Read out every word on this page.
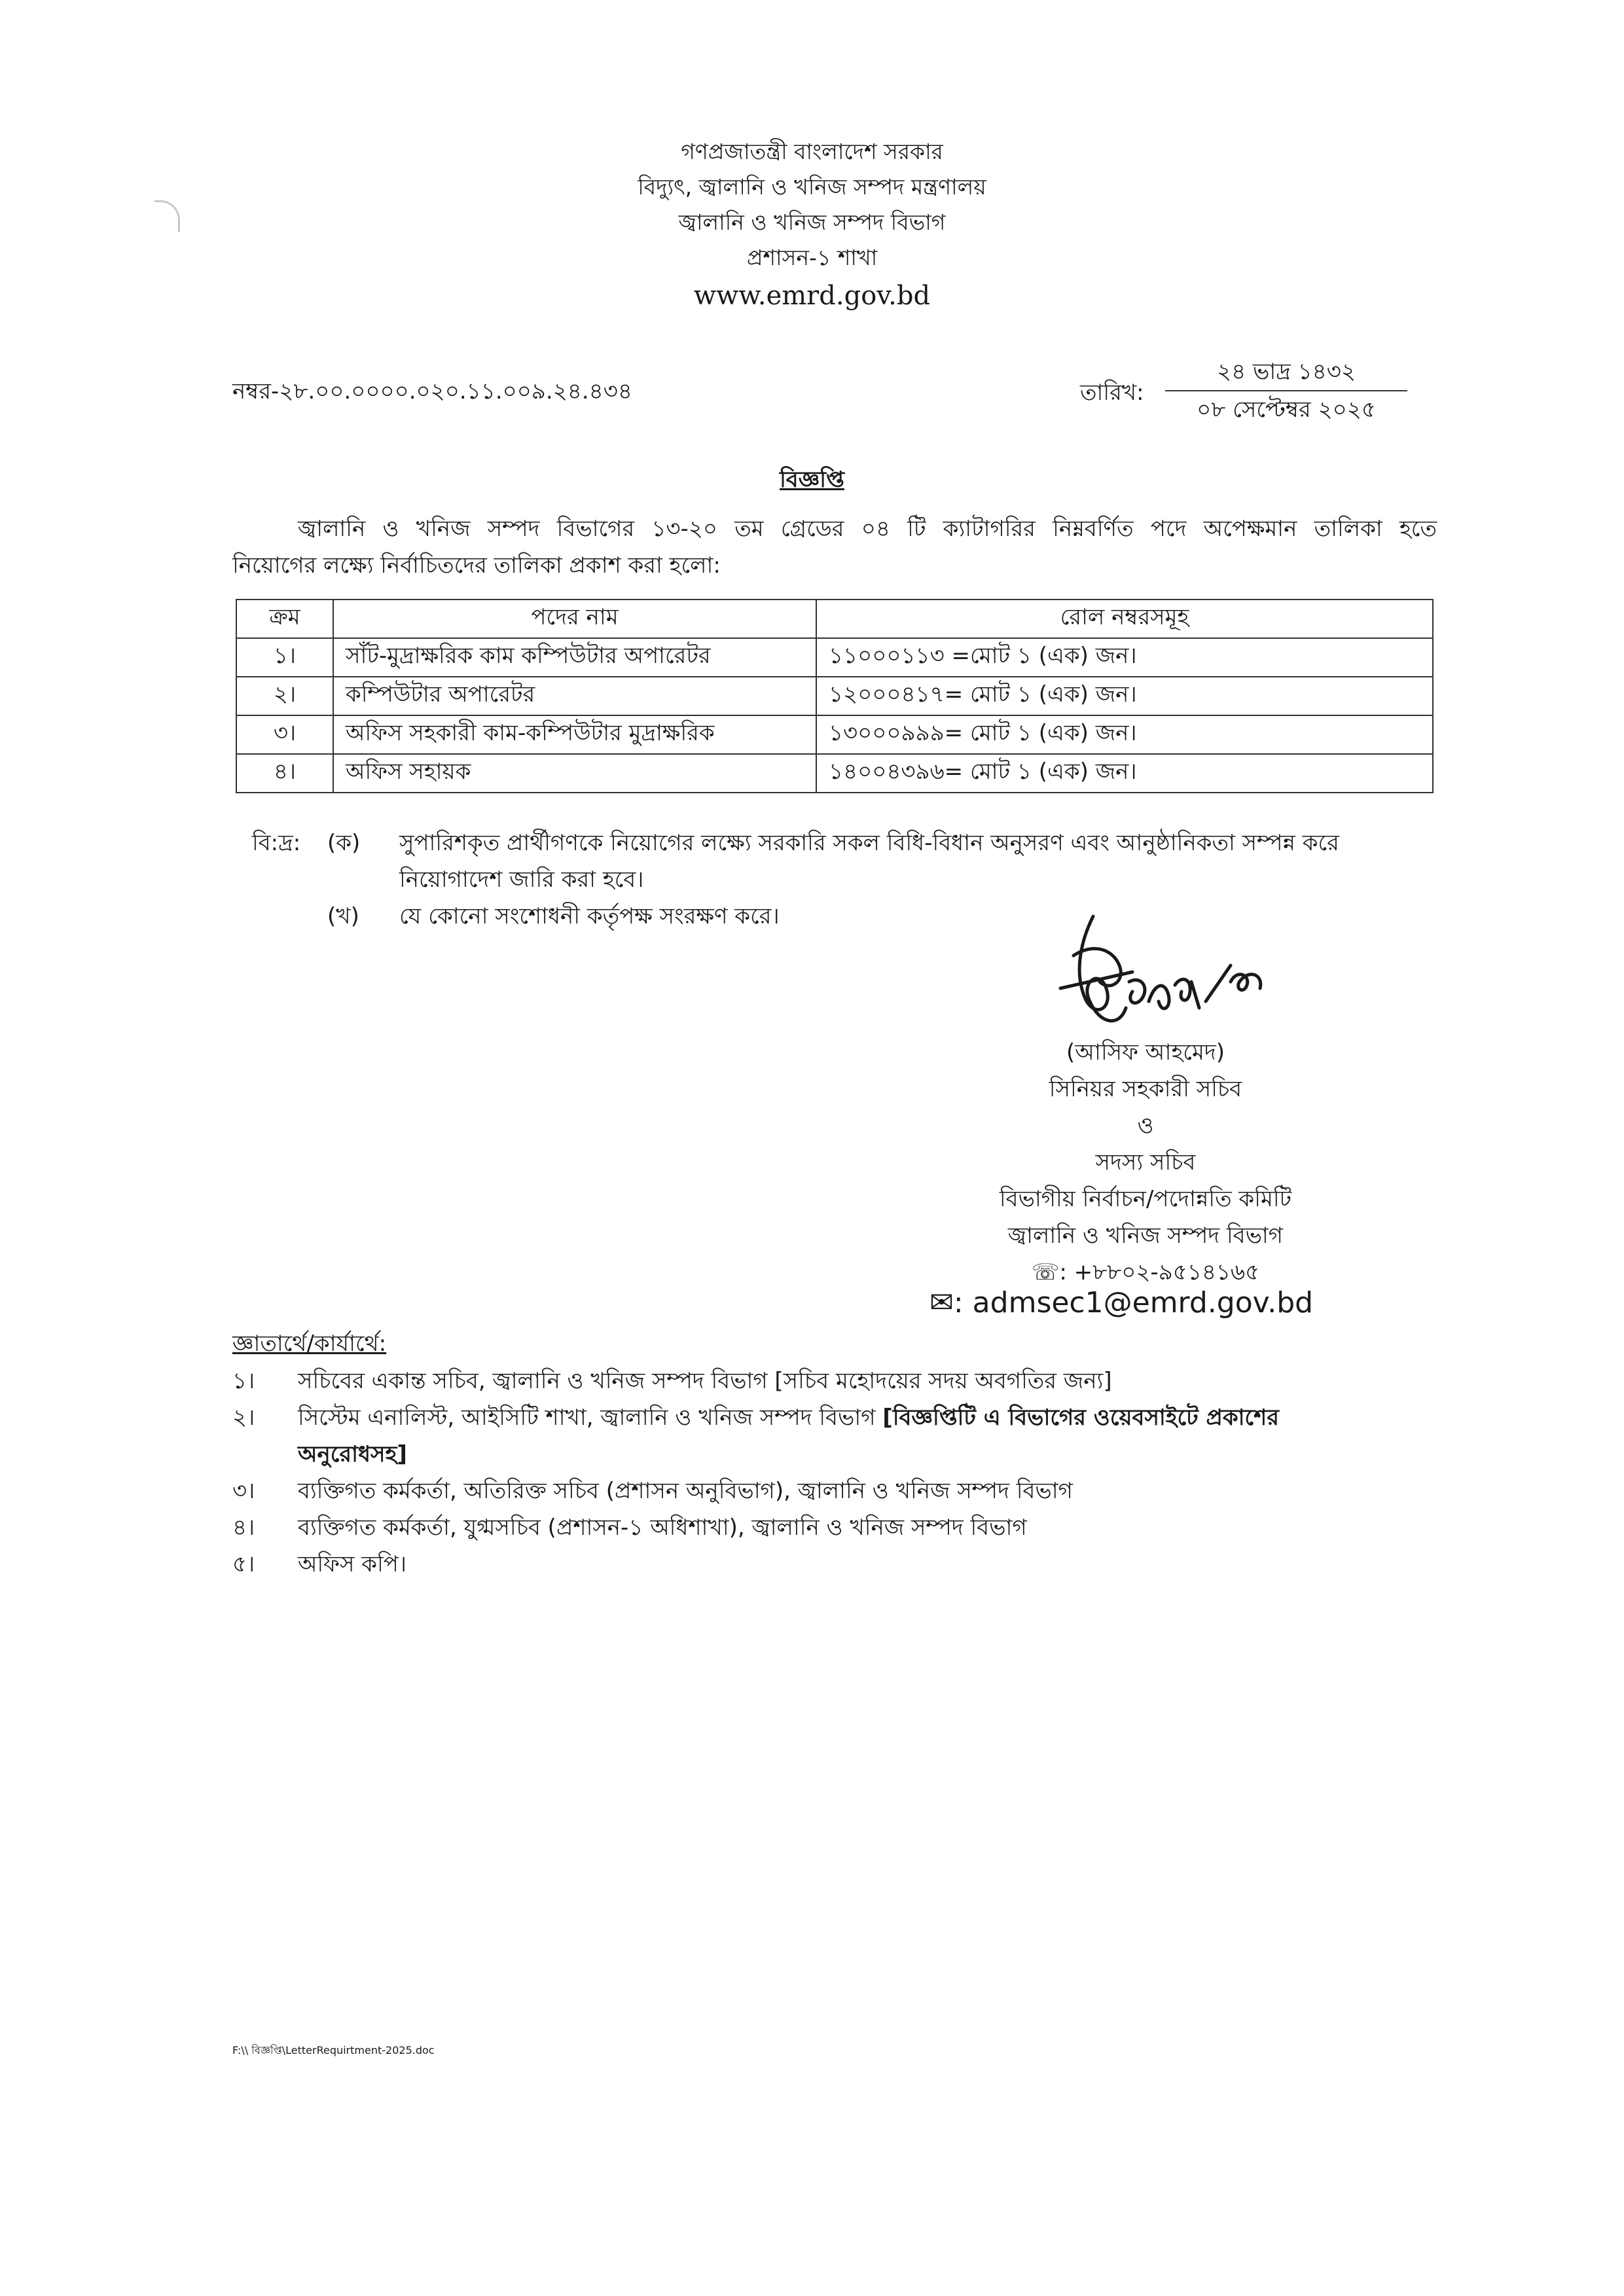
গণপ্রজাতন্ত্রী বাংলাদেশ সরকার
বিদ্যুৎ, জ্বালানি ও খনিজ সম্পদ মন্ত্রণালয়
জ্বালানি ও খনিজ সম্পদ বিভাগ
প্রশাসন-১ শাখা
www.emrd.gov.bd
নম্বর-২৮.০০.০০০০.০২০.১১.০০৯.২৪.৪৩৪	তারিখ:
২৪ ভাদ্র ১৪৩২
০৮ সেপ্টেম্বর ২০২৫
বিজ্ঞপ্তি
জ্বালানি ও খনিজ সম্পদ বিভাগের ১৩-২০ তম গ্রেডের ০৪ টি ক্যাটাগরির নিম্নবর্ণিত পদে অপেক্ষমান তালিকা হতে
নিয়োগের লক্ষ্যে নির্বাচিতদের তালিকা প্রকাশ করা হলো:
ক্রম	পদের নাম	রোল নম্বরসমূহ
১।	সাঁট-মুদ্রাক্ষরিক কাম কম্পিউটার অপারেটর	১১০০০১১৩ =মোট ১ (এক) জন।
২।	কম্পিউটার অপারেটর	১২০০০৪১৭= মোট ১ (এক) জন।
৩।	অফিস সহকারী কাম-কম্পিউটার মুদ্রাক্ষরিক	১৩০০০৯৯৯= মোট ১ (এক) জন।
৪।	অফিস সহায়ক	১৪০০৪৩৯৬= মোট ১ (এক) জন।
বি:দ্র: (ক) সুপারিশকৃত প্রার্থীগণকে নিয়োগের লক্ষ্যে সরকারি সকল বিধি-বিধান অনুসরণ এবং আনুষ্ঠানিকতা সম্পন্ন করে
নিয়োগাদেশ জারি করা হবে।
(খ) যে কোনো সংশোধনী কর্তৃপক্ষ সংরক্ষণ করে।
(আসিফ আহমেদ)
সিনিয়র সহকারী সচিব
ও
সদস্য সচিব
বিভাগীয় নির্বাচন/পদোন্নতি কমিটি
জ্বালানি ও খনিজ সম্পদ বিভাগ
☏: +৮৮০২-৯৫১৪১৬৫
✉: admsec1@emrd.gov.bd
জ্ঞাতার্থে/কার্যার্থে:
১। সচিবের একান্ত সচিব, জ্বালানি ও খনিজ সম্পদ বিভাগ [সচিব মহোদয়ের সদয় অবগতির জন্য]
২। সিস্টেম এনালিস্ট, আইসিটি শাখা, জ্বালানি ও খনিজ সম্পদ বিভাগ [বিজ্ঞপ্তিটি এ বিভাগের ওয়েবসাইটে প্রকাশের
অনুরোধসহ]
৩। ব্যক্তিগত কর্মকর্তা, অতিরিক্ত সচিব (প্রশাসন অনুবিভাগ), জ্বালানি ও খনিজ সম্পদ বিভাগ
৪। ব্যক্তিগত কর্মকর্তা, যুগ্মসচিব (প্রশাসন-১ অধিশাখা), জ্বালানি ও খনিজ সম্পদ বিভাগ
৫। অফিস কপি।
F:\\ বিজ্ঞপ্তি\LetterRequirtment-2025.doc
